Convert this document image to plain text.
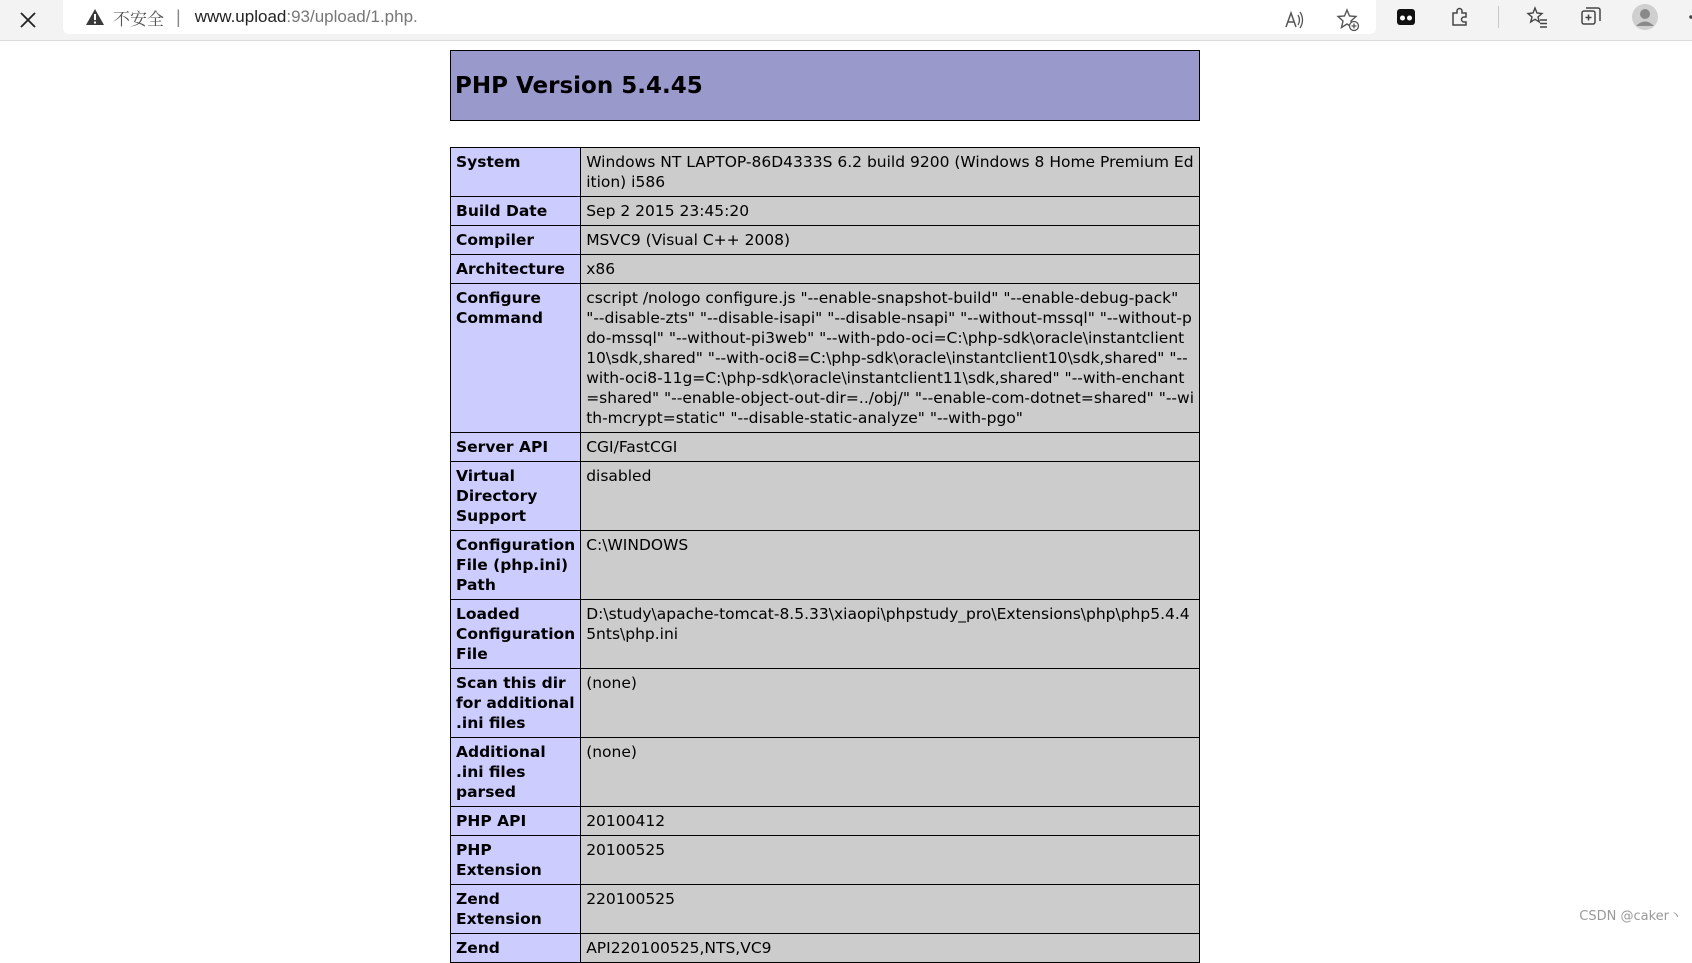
不安全 | www.upload:93/upload/1.php.
PHP Version 5.4.45
System	Windows NT LAPTOP-86D4333S 6.2 build 9200 (Windows 8 Home Premium Edition) i586
Build Date	Sep 2 2015 23:45:20
Compiler	MSVC9 (Visual C++ 2008)
Architecture	x86
Configure Command	cscript /nologo configure.js "--enable-snapshot-build" "--enable-debug-pack" "--disable-zts" "--disable-isapi" "--disable-nsapi" "--without-mssql" "--without-pdo-mssql" "--without-pi3web" "--with-pdo-oci=C:\php-sdk\oracle\instantclient10\sdk,shared" "--with-oci8=C:\php-sdk\oracle\instantclient10\sdk,shared" "--with-oci8-11g=C:\php-sdk\oracle\instantclient11\sdk,shared" "--with-enchant=shared" "--enable-object-out-dir=../obj/" "--enable-com-dotnet=shared" "--with-mcrypt=static" "--disable-static-analyze" "--with-pgo"
Server API	CGI/FastCGI
Virtual Directory Support	disabled
Configuration File (php.ini) Path	C:\WINDOWS
Loaded Configuration File	D:\study\apache-tomcat-8.5.33\xiaopi\phpstudy_pro\Extensions\php\php5.4.45nts\php.ini
Scan this dir for additional .ini files	(none)
Additional .ini files parsed	(none)
PHP API	20100412
PHP Extension	20100525
Zend Extension	220100525
Zend	API220100525,NTS,VC9	CSDN @caker丶
